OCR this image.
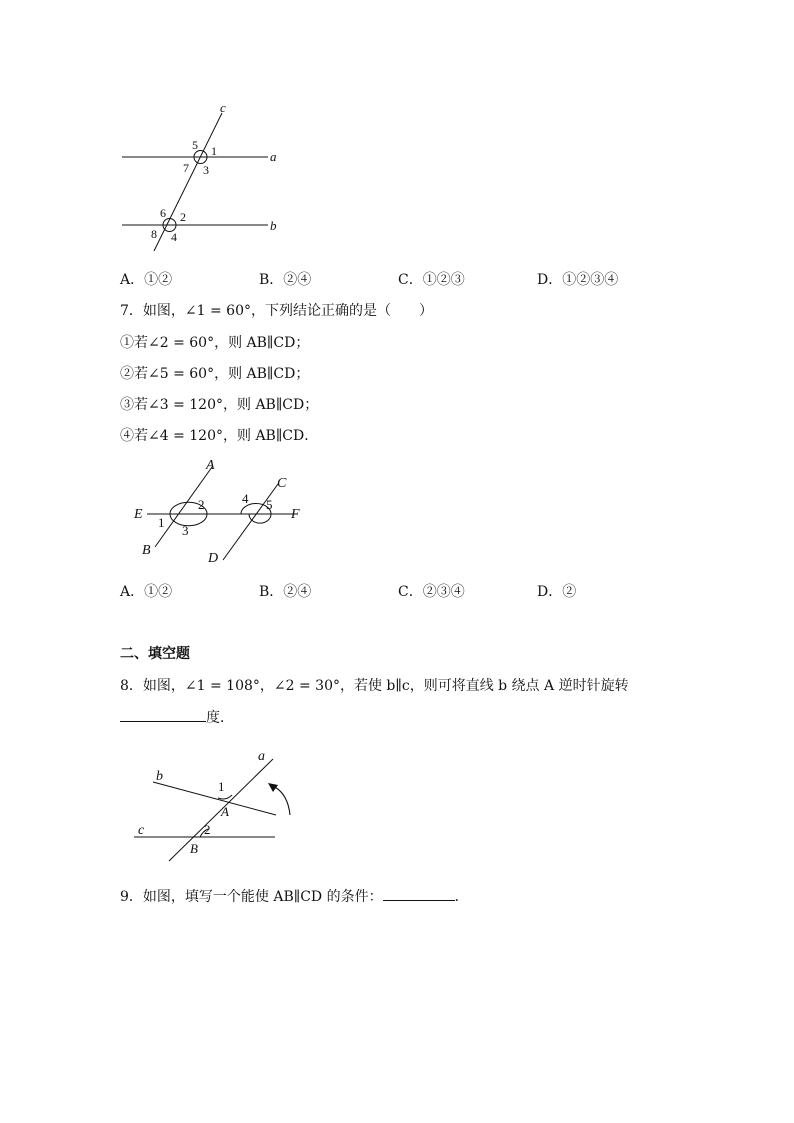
c
a
b
5 1
7 3
6 2
8 4
A．①②	B．②④	C．①②③	D．①②③④
7．如图，∠1 = 60°，下列结论正确的是（　　）
①若∠2 = 60°，则 AB∥CD；
②若∠5 = 60°，则 AB∥CD；
③若∠3 = 120°，则 AB∥CD；
④若∠4 = 120°，则 AB∥CD．
A
C
E	F
B
D
1
2
3
4 5
A．①②	B．②④	C．②③④	D．②
二、填空题
8．如图，∠1 = 108°，∠2 = 30°，若使 b∥c，则可将直线 b 绕点 A 逆时针旋转
度．
a
b
c
A
B
1
2
9．如图，填写一个能使 AB∥CD 的条件：	．
